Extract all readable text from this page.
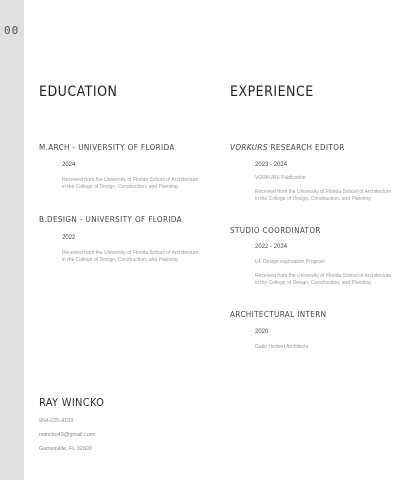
00
EDUCATION
M.ARCH - UNIVERSITY OF FLORIDA
2024
Received from the University of Florida School of Architecture in the College of Design, Construction, and Planning
B.DESIGN - UNIVERSITY OF FLORIDA
2022
Received from the University of Florida School of Architecture in the College of Design, Construction, and Planning
EXPERIENCE
VORKURS RESEARCH EDITOR
2023 - 2024
VORKURS Publication
Received from the University of Florida School of Architecture in the College of Design, Construction, and Planning
STUDIO COORDINATOR
2022 - 2024
UF Design exploration Program
Received from the University of Florida School of Architecture in the College of Design, Construction, and Planning
ARCHITECTURAL INTERN
2020
Gatio Herbert Architects
RAY WINCKO
954-225-4103
rwincko40@gmail.com
Gainesville, FL 32603
